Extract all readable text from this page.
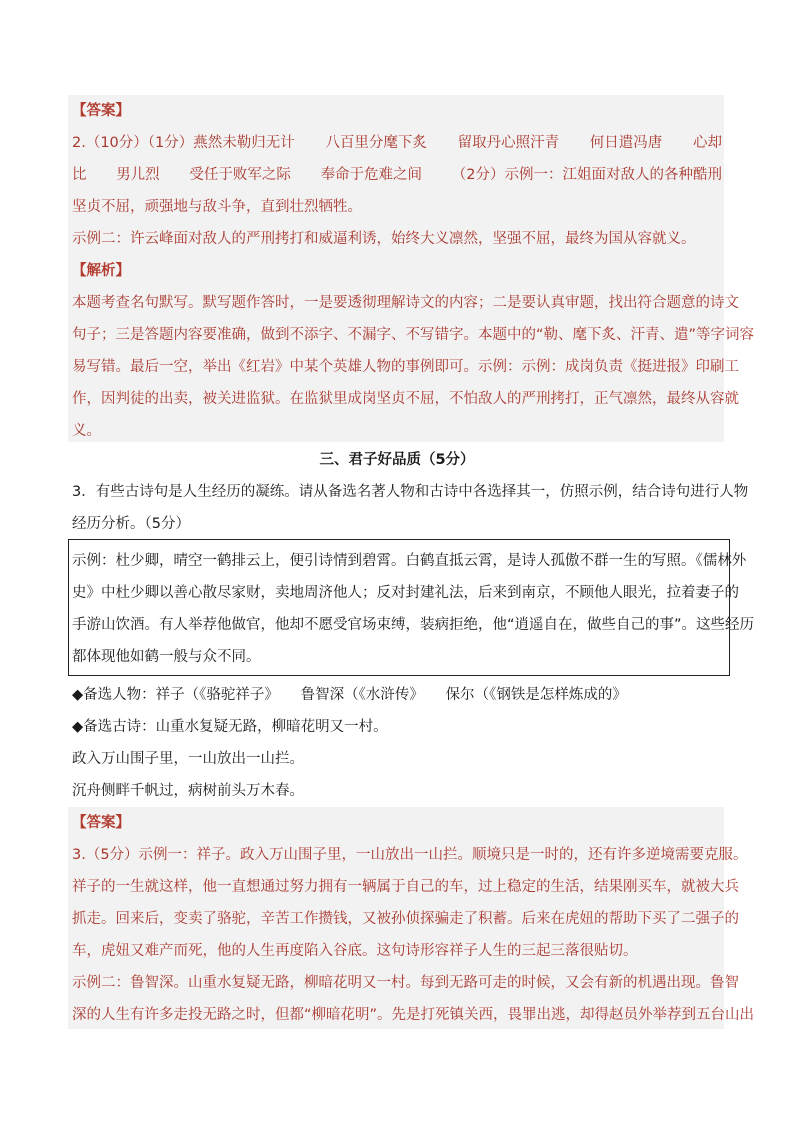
【答案】
2.（10分）（1分）燕然未勒归无计 八百里分麾下炙 留取丹心照汗青 何日遣冯唐 心却
比 男儿烈 受任于败军之际 奉命于危难之间 （2分）示例一：江姐面对敌人的各种酷刑
坚贞不屈，顽强地与敌斗争，直到壮烈牺牲。
示例二：许云峰面对敌人的严刑拷打和威逼利诱，始终大义凛然，坚强不屈，最终为国从容就义。
【解析】
本题考查名句默写。默写题作答时，一是要透彻理解诗文的内容；二是要认真审题，找出符合题意的诗文
句子；三是答题内容要准确，做到不添字、不漏字、不写错字。本题中的“勒、麾下炙、汗青、遣”等字词容
易写错。最后一空，举出《红岩》中某个英雄人物的事例即可。示例：示例：成岗负责《挺进报》印刷工
作，因判徒的出卖，被关进监狱。在监狱里成岗坚贞不屈，不怕敌人的严刑拷打，正气凛然，最终从容就
义。
三、君子好品质（5分）
3．有些古诗句是人生经历的凝练。请从备选名著人物和古诗中各选择其一，仿照示例，结合诗句进行人物
经历分析。（5分）
示例：杜少卿，晴空一鹤排云上，便引诗情到碧霄。白鹤直抵云霄，是诗人孤傲不群一生的写照。《儒林外
史》中杜少卿以善心散尽家财，卖地周济他人；反对封建礼法，后来到南京，不顾他人眼光，拉着妻子的
手游山饮酒。有人举荐他做官，他却不愿受官场束缚，装病拒绝，他“逍遥自在，做些自己的事”。这些经历
都体现他如鹤一般与众不同。
◆备选人物：祥子（《骆驼祥子》　　鲁智深（《水浒传》　　保尔（《钢铁是怎样炼成的》
◆备选古诗：山重水复疑无路，柳暗花明又一村。
政入万山围子里，一山放出一山拦。
沉舟侧畔千帆过，病树前头万木春。
【答案】
3.（5分）示例一：祥子。政入万山围子里，一山放出一山拦。顺境只是一时的，还有许多逆境需要克服。
祥子的一生就这样，他一直想通过努力拥有一辆属于自己的车，过上稳定的生活，结果刚买车，就被大兵
抓走。回来后，变卖了骆驼，辛苦工作攒钱，又被孙侦探骗走了积蓄。后来在虎妞的帮助下买了二强子的
车，虎妞又难产而死，他的人生再度陷入谷底。这句诗形容祥子人生的三起三落很贴切。
示例二：鲁智深。山重水复疑无路，柳暗花明又一村。每到无路可走的时候，又会有新的机遇出现。鲁智
深的人生有许多走投无路之时，但都“柳暗花明”。先是打死镇关西，畏罪出逃，却得赵员外举荐到五台山出
